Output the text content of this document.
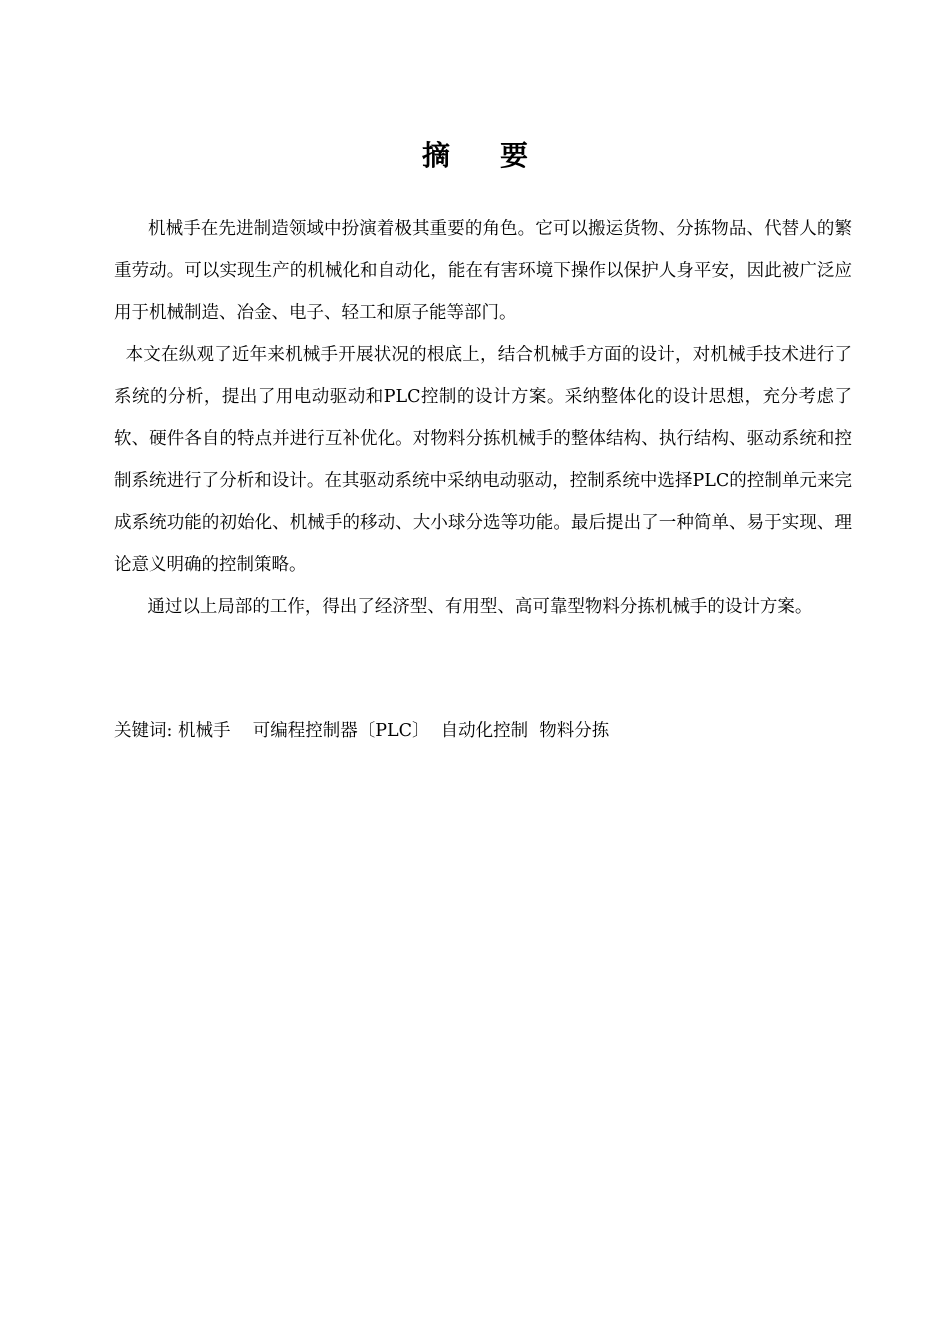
摘 要

机械手在先进制造领域中扮演着极其重要的角色。它可以搬运货物、分拣物品、代替人的繁重劳动。可以实现生产的机械化和自动化，能在有害环境下操作以保护人身平安，因此被广泛应用于机械制造、冶金、电子、轻工和原子能等部门。

本文在纵观了近年来机械手开展状况的根底上，结合机械手方面的设计，对机械手技术进行了系统的分析，提出了用电动驱动和PLC控制的设计方案。采纳整体化的设计思想，充分考虑了软、硬件各自的特点并进行互补优化。对物料分拣机械手的整体结构、执行结构、驱动系统和控制系统进行了分析和设计。在其驱动系统中采纳电动驱动，控制系统中选择PLC的控制单元来完成系统功能的初始化、机械手的移动、大小球分选等功能。最后提出了一种简单、易于实现、理论意义明确的控制策略。

通过以上局部的工作，得出了经济型、有用型、高可靠型物料分拣机械手的设计方案。

关键词: 机械手    可编程控制器〔PLC〕  自动化控制  物料分拣
